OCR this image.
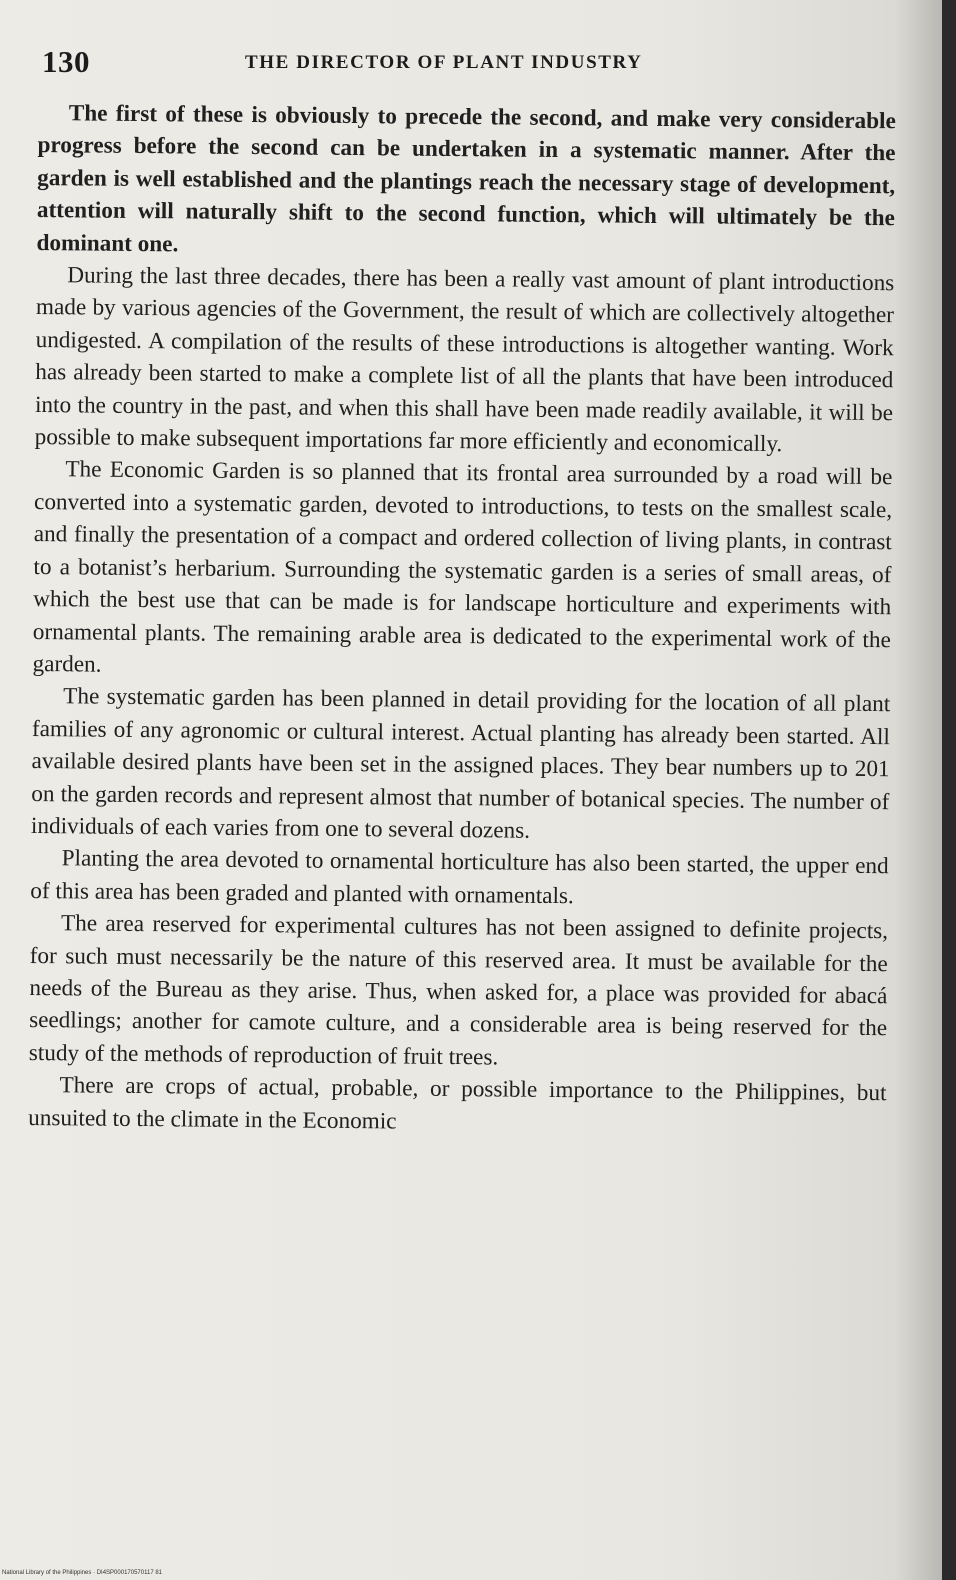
130	THE DIRECTOR OF PLANT INDUSTRY

The first of these is obviously to precede the second, and make very considerable progress before the second can be undertaken in a systematic manner. After the garden is well established and the plantings reach the necessary stage of development, attention will naturally shift to the second function, which will ultimately be the dominant one.

During the last three decades, there has been a really vast amount of plant introductions made by various agencies of the Government, the result of which are collectively altogether undigested. A compilation of the results of these introductions is altogether wanting. Work has already been started to make a complete list of all the plants that have been introduced into the country in the past, and when this shall have been made readily available, it will be possible to make subsequent importations far more efficiently and economically.

The Economic Garden is so planned that its frontal area surrounded by a road will be converted into a systematic garden, devoted to introductions, to tests on the smallest scale, and finally the presentation of a compact and ordered collection of living plants, in contrast to a botanist’s herbarium. Surrounding the systematic garden is a series of small areas, of which the best use that can be made is for landscape horticulture and experiments with ornamental plants. The remaining arable area is dedicated to the experimental work of the garden.

The systematic garden has been planned in detail providing for the location of all plant families of any agronomic or cultural interest. Actual planting has already been started. All available desired plants have been set in the assigned places. They bear numbers up to 201 on the garden records and represent almost that number of botanical species. The number of individuals of each varies from one to several dozens.

Planting the area devoted to ornamental horticulture has also been started, the upper end of this area has been graded and planted with ornamentals.

The area reserved for experimental cultures has not been assigned to definite projects, for such must necessarily be the nature of this reserved area. It must be available for the needs of the Bureau as they arise. Thus, when asked for, a place was provided for abacá seedlings; another for camote culture, and a considerable area is being reserved for the study of the methods of reproduction of fruit trees.

There are crops of actual, probable, or possible importance to the Philippines, but unsuited to the climate in the Economic

National Library of the Philippines · DI4SP000170570117 81
